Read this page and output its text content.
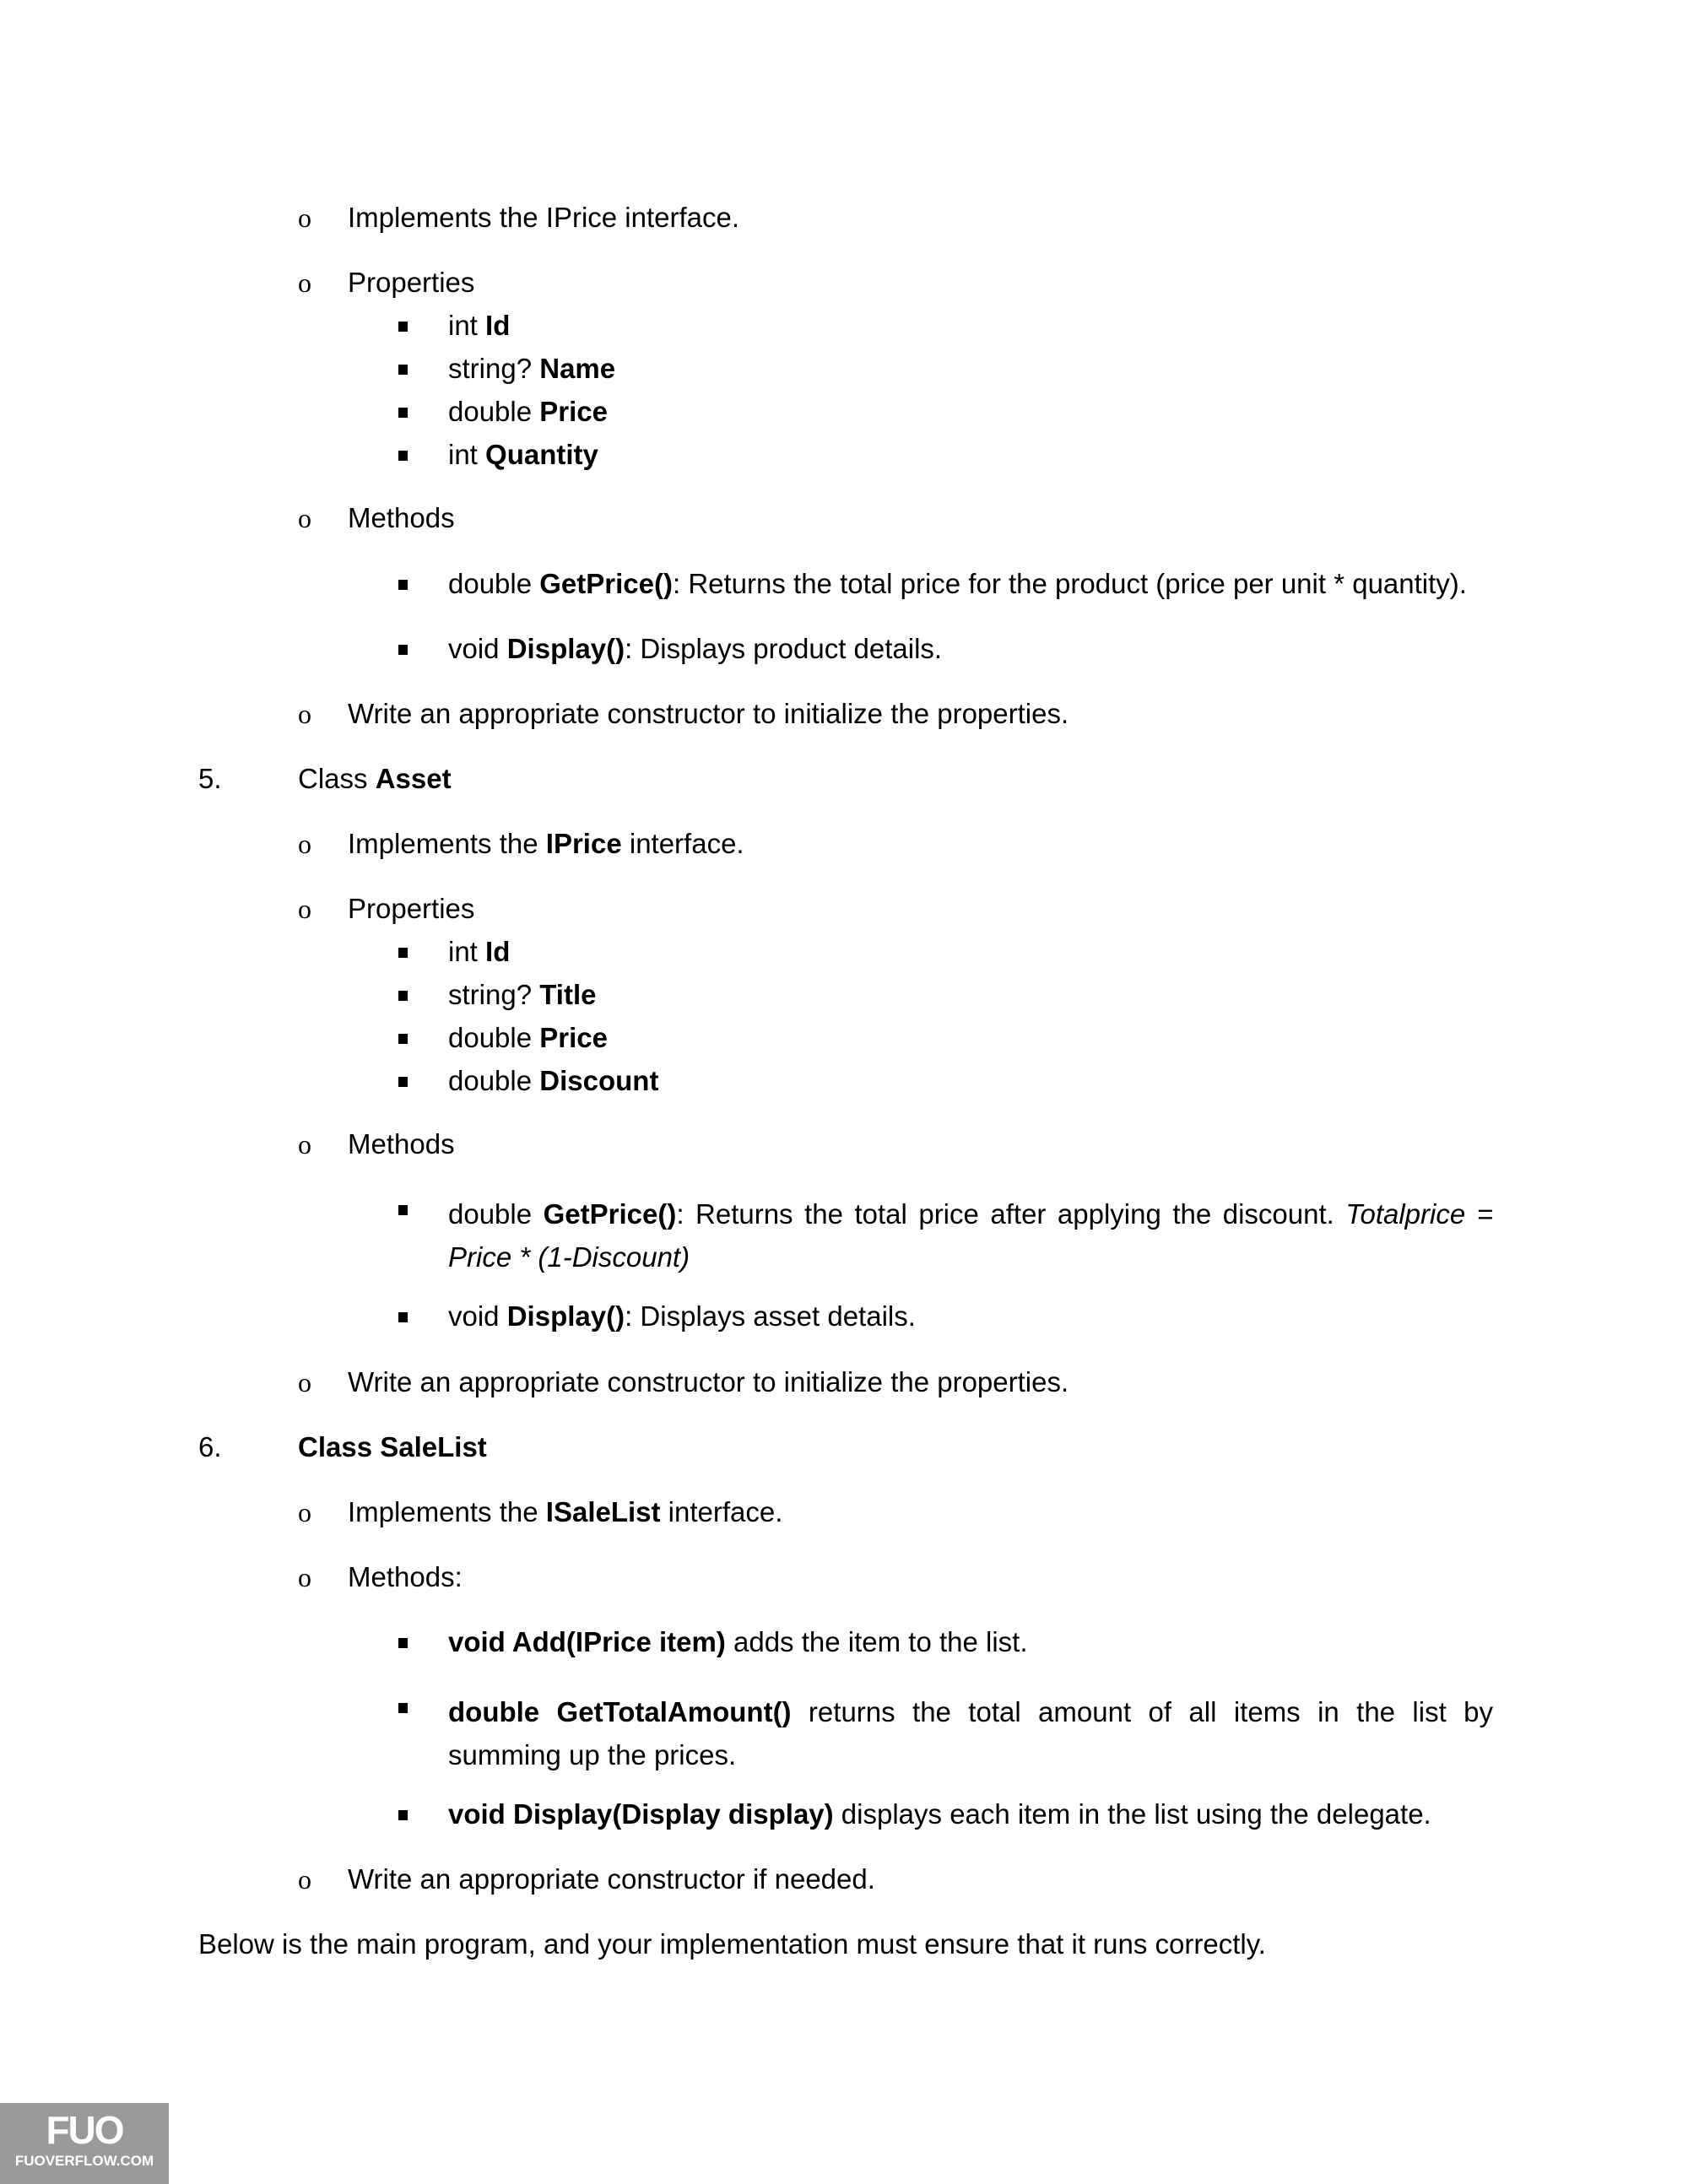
o Implements the IPrice interface.
o Properties
int Id
string? Name
double Price
int Quantity
o Methods
double GetPrice(): Returns the total price for the product (price per unit * quantity).
void Display(): Displays product details.
o Write an appropriate constructor to initialize the properties.
5.	Class Asset
o Implements the IPrice interface.
o Properties
int Id
string? Title
double Price
double Discount
o Methods
double GetPrice(): Returns the total price after applying the discount. Totalprice = Price * (1-Discount)
void Display(): Displays asset details.
o Write an appropriate constructor to initialize the properties.
6.	Class SaleList
o Implements the ISaleList interface.
o Methods:
void Add(IPrice item) adds the item to the list.
double GetTotalAmount() returns the total amount of all items in the list by summing up the prices.
void Display(Display display) displays each item in the list using the delegate.
o Write an appropriate constructor if needed.
Below is the main program, and your implementation must ensure that it runs correctly.
FUO
FUOVERFLOW.COM
